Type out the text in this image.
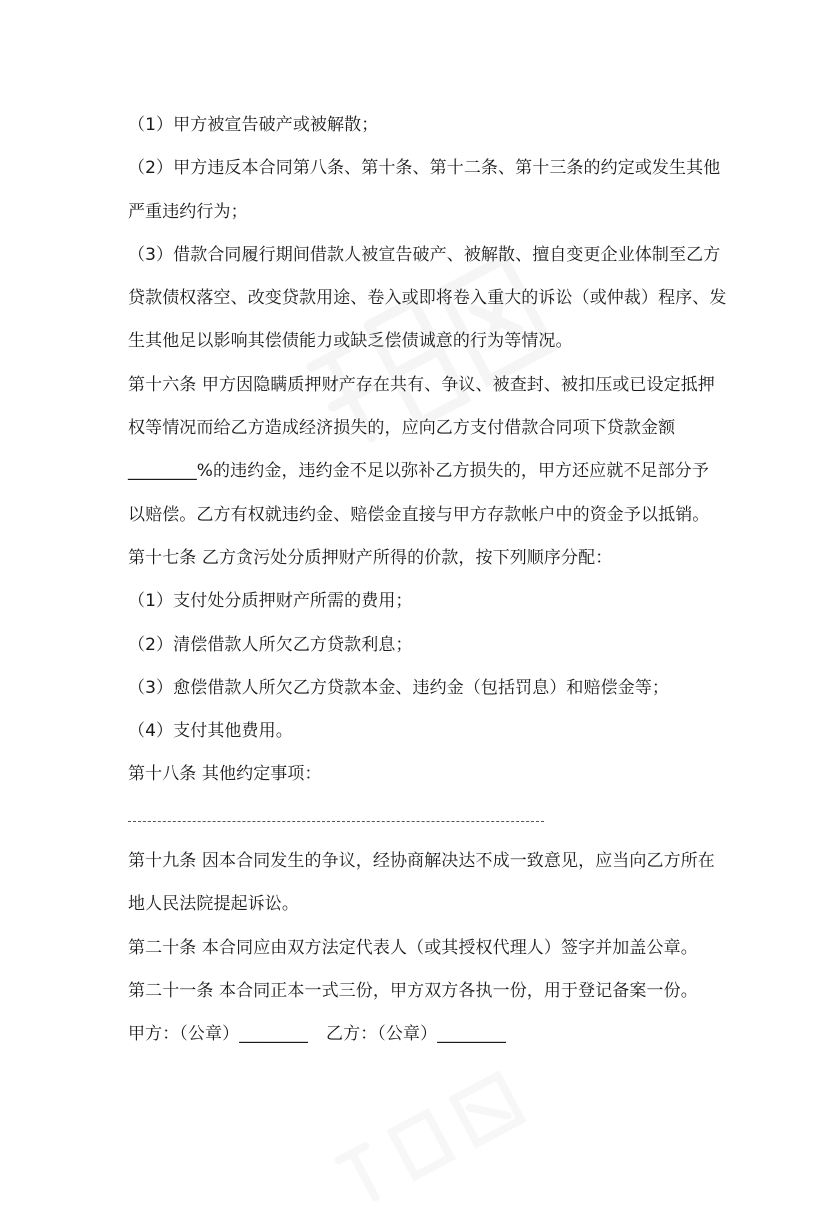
（1）甲方被宣告破产或被解散；
（2）甲方违反本合同第八条、第十条、第十二条、第十三条的约定或发生其他
严重违约行为；
（3）借款合同履行期间借款人被宣告破产、被解散、擅自变更企业体制至乙方
贷款债权落空、改变贷款用途、卷入或即将卷入重大的诉讼（或仲裁）程序、发
生其他足以影响其偿债能力或缺乏偿债诚意的行为等情况。
第十六条 甲方因隐瞒质押财产存在共有、争议、被查封、被扣压或已设定抵押
权等情况而给乙方造成经济损失的，应向乙方支付借款合同项下贷款金额
________%的违约金，违约金不足以弥补乙方损失的，甲方还应就不足部分予
以赔偿。乙方有权就违约金、赔偿金直接与甲方存款帐户中的资金予以抵销。
第十七条 乙方贪污处分质押财产所得的价款，按下列顺序分配：
（1）支付处分质押财产所需的费用；
（2）清偿借款人所欠乙方贷款利息；
（3）愈偿借款人所欠乙方贷款本金、违约金（包括罚息）和赔偿金等；
（4）支付其他费用。
第十八条 其他约定事项：
第十九条 因本合同发生的争议，经协商解决达不成一致意见，应当向乙方所在
地人民法院提起诉讼。
第二十条 本合同应由双方法定代表人（或其授权代理人）签字并加盖公章。
第二十一条 本合同正本一式三份，甲方双方各执一份，用于登记备案一份。
甲方：（公章）________ 乙方：（公章）________
